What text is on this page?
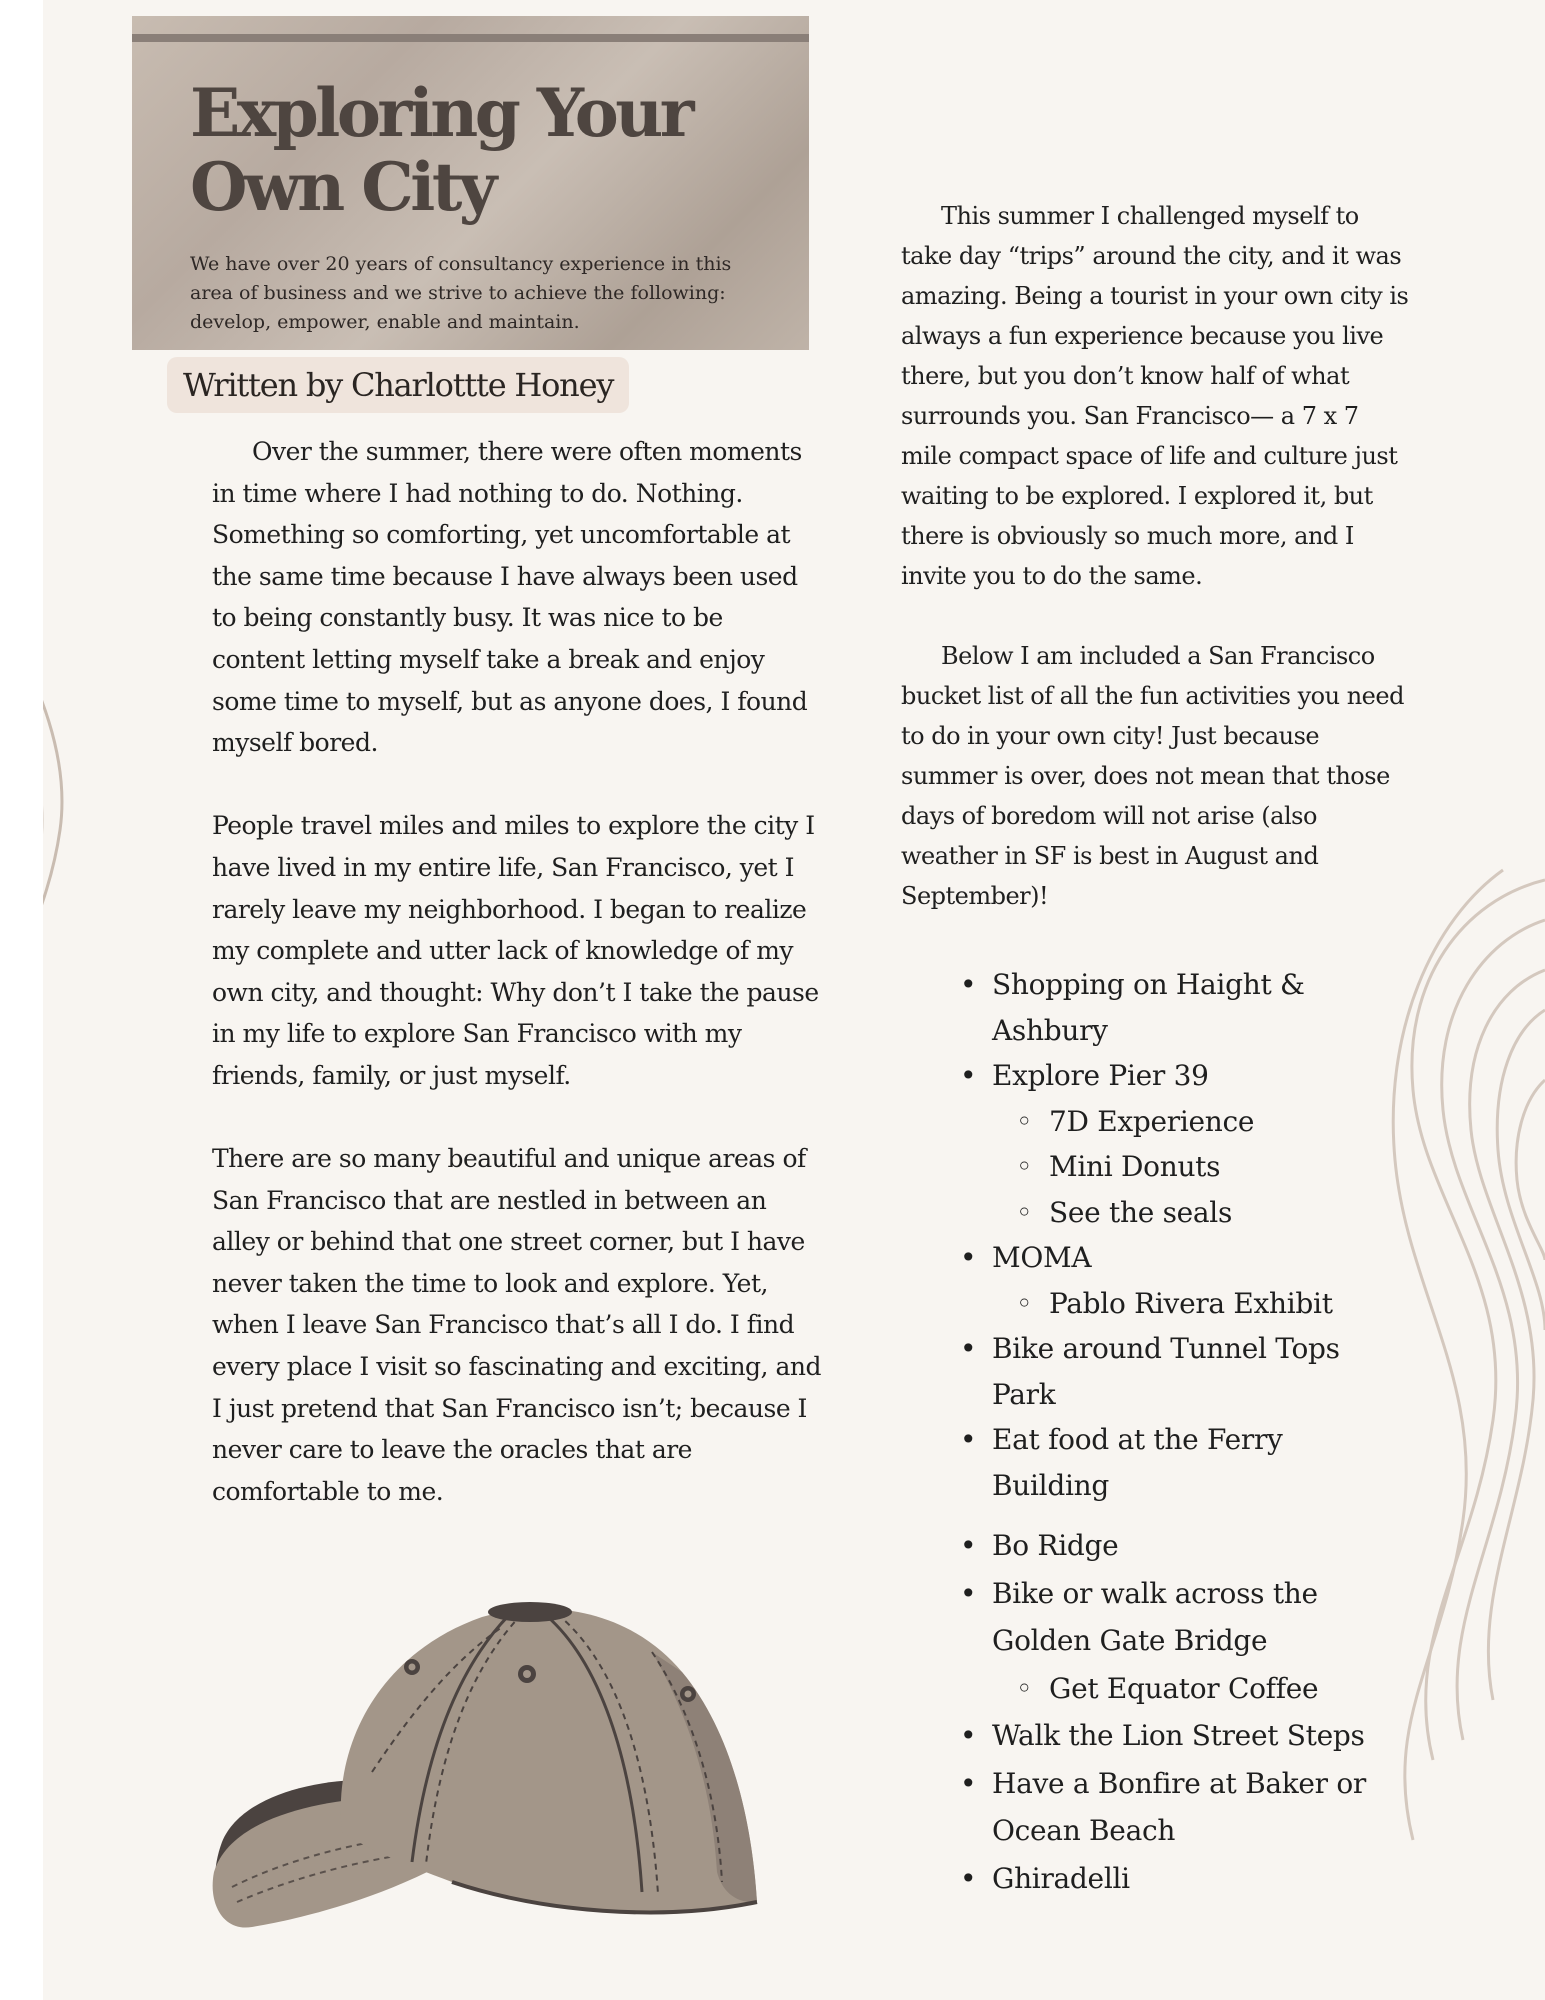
Exploring Your Own City
We have over 20 years of consultancy experience in this area of business and we strive to achieve the following: develop, empower, enable and maintain.
Written by Charlottte Honey

Over the summer, there were often moments in time where I had nothing to do. Nothing. Something so comforting, yet uncomfortable at the same time because I have always been used to being constantly busy. It was nice to be content letting myself take a break and enjoy some time to myself, but as anyone does, I found myself bored.

People travel miles and miles to explore the city I have lived in my entire life, San Francisco, yet I rarely leave my neighborhood. I began to realize my complete and utter lack of knowledge of my own city, and thought: Why don’t I take the pause in my life to explore San Francisco with my friends, family, or just myself.

There are so many beautiful and unique areas of San Francisco that are nestled in between an alley or behind that one street corner, but I have never taken the time to look and explore. Yet, when I leave San Francisco that’s all I do. I find every place I visit so fascinating and exciting, and I just pretend that San Francisco isn’t; because I never care to leave the oracles that are comfortable to me.

This summer I challenged myself to take day “trips” around the city, and it was amazing. Being a tourist in your own city is always a fun experience because you live there, but you don’t know half of what surrounds you. San Francisco— a 7 x 7 mile compact space of life and culture just waiting to be explored. I explored it, but there is obviously so much more, and I invite you to do the same.

Below I am included a San Francisco bucket list of all the fun activities you need to do in your own city! Just because summer is over, does not mean that those days of boredom will not arise (also weather in SF is best in August and September)!

• Shopping on Haight & Ashbury
• Explore Pier 39
◦ 7D Experience
◦ Mini Donuts
◦ See the seals
• MOMA
◦ Pablo Rivera Exhibit
• Bike around Tunnel Tops Park
• Eat food at the Ferry Building
• Bo Ridge
• Bike or walk across the Golden Gate Bridge
◦ Get Equator Coffee
• Walk the Lion Street Steps
• Have a Bonfire at Baker or Ocean Beach
• Ghiradelli
